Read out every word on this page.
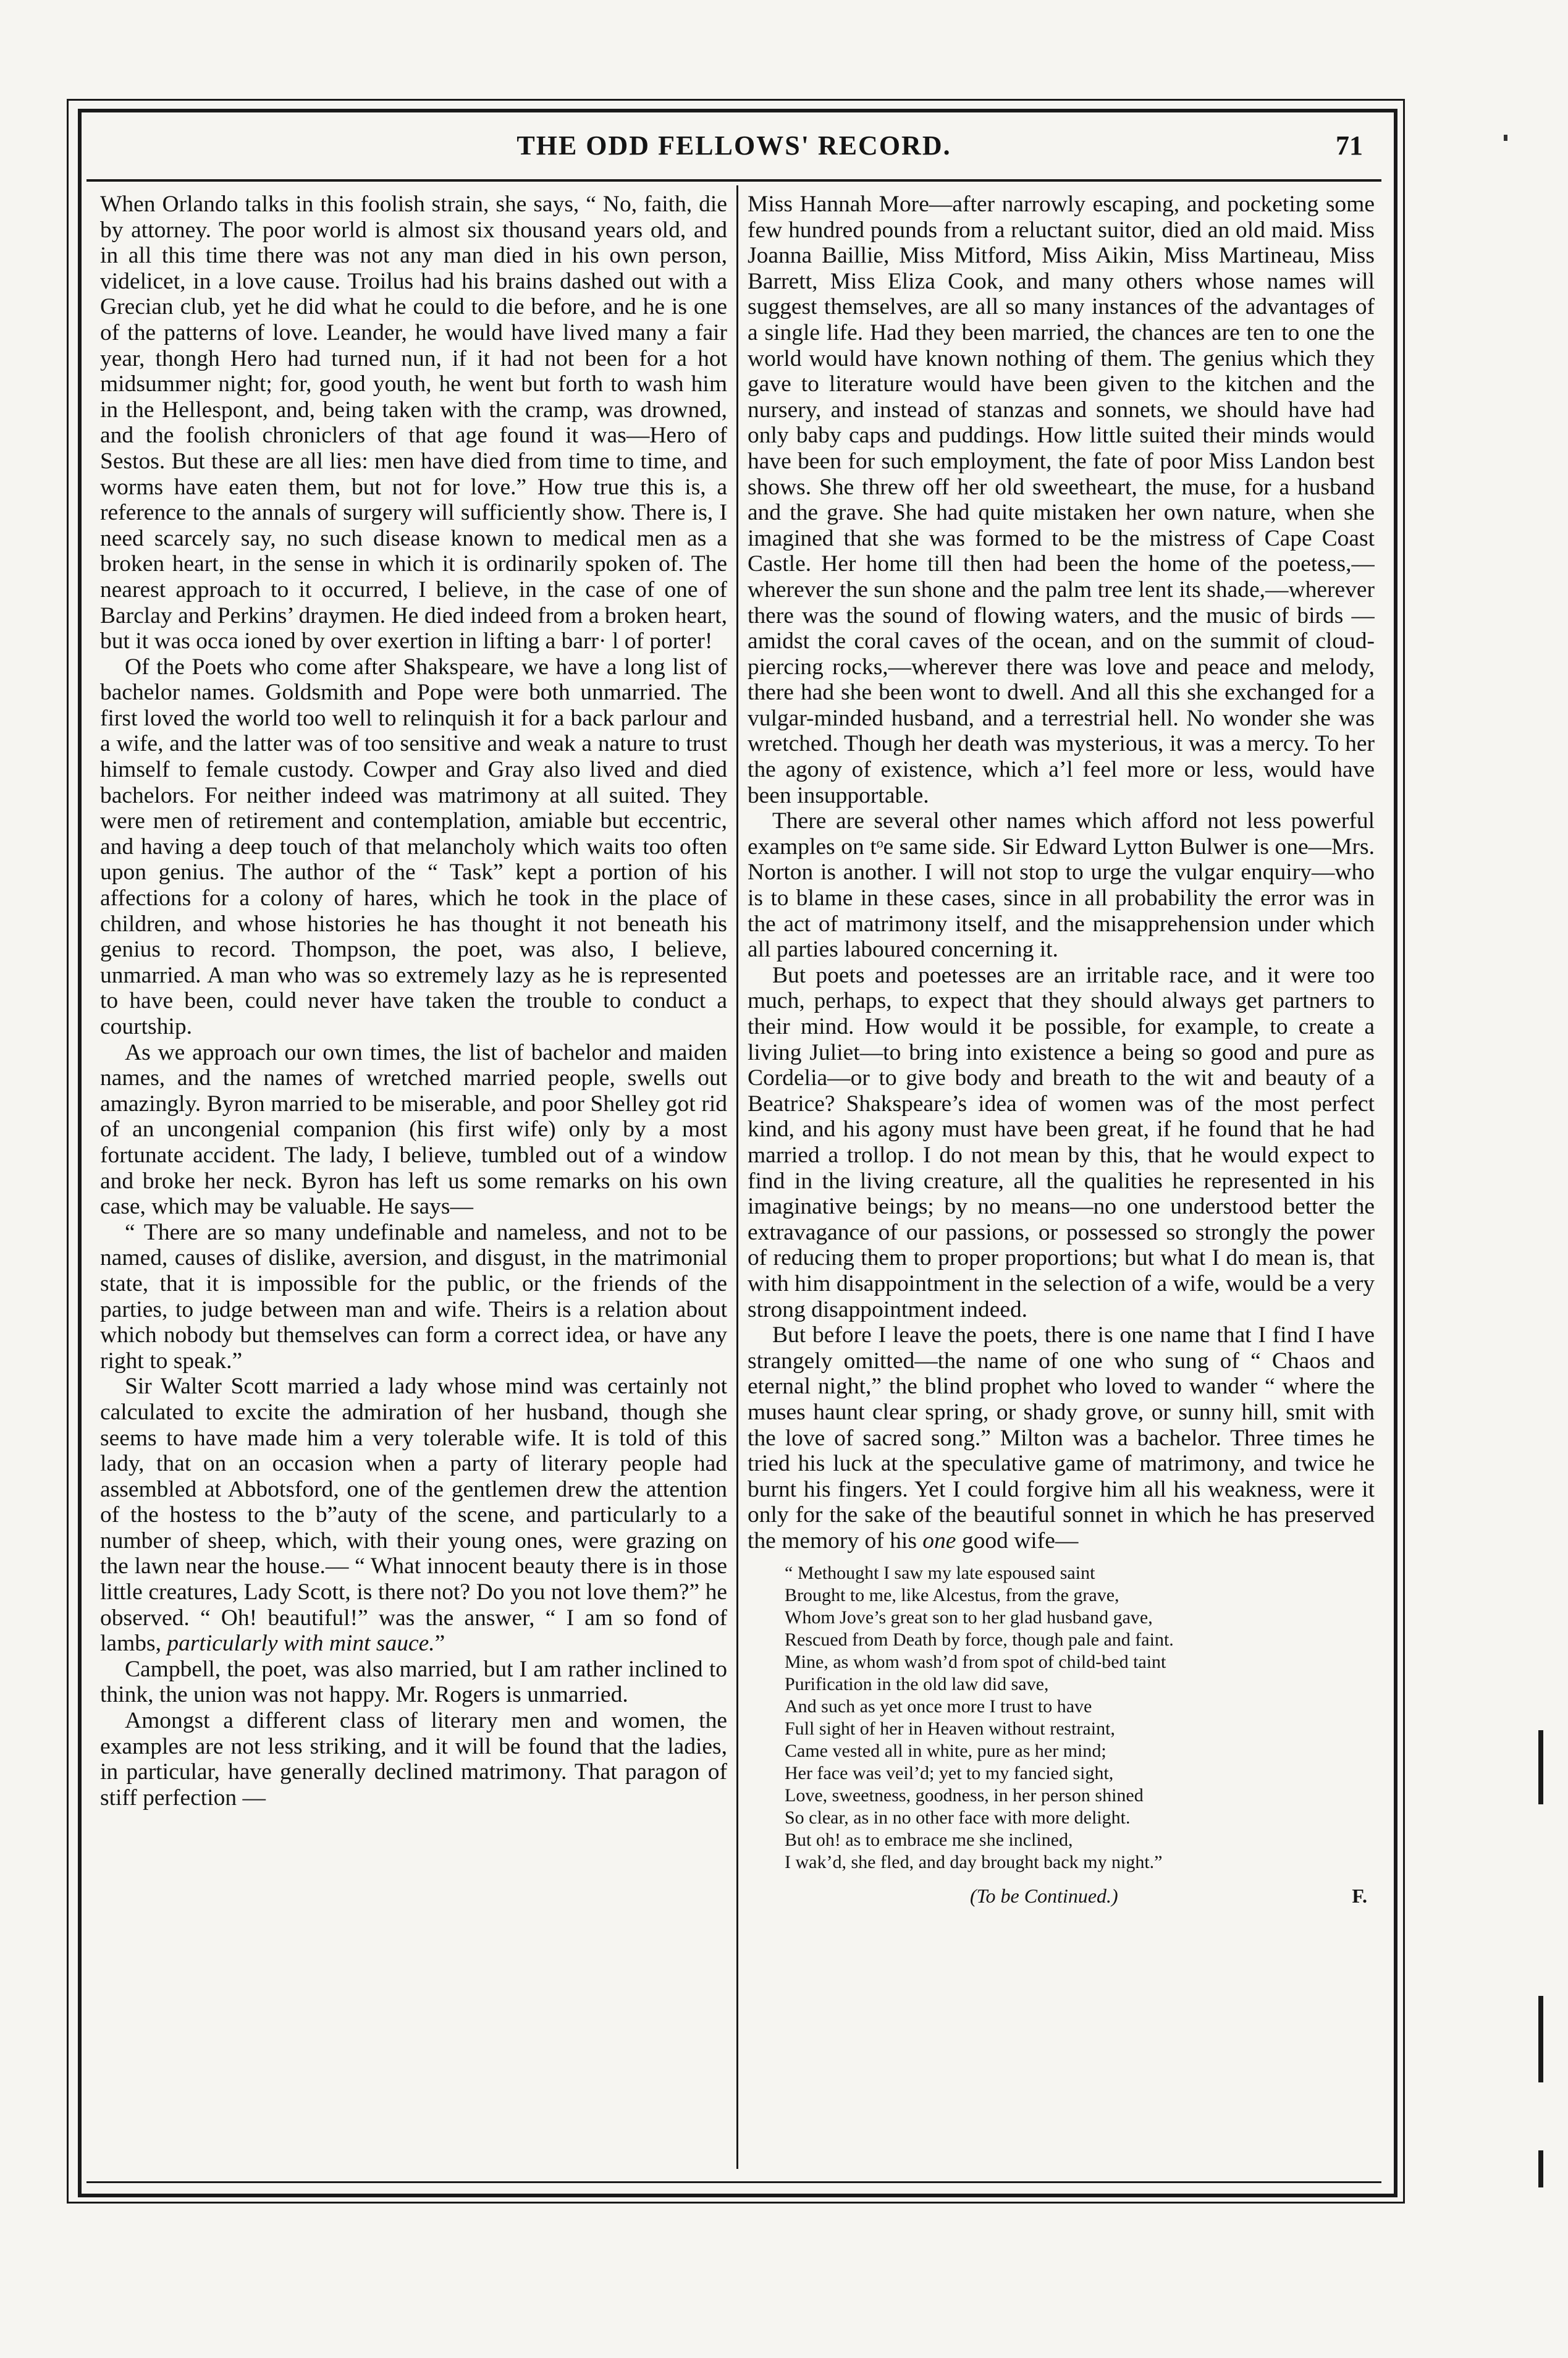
THE ODD FELLOWS' RECORD.	71

When Orlando talks in this foolish strain, she says, “ No, faith, die by attorney. The poor world is almost six thousand years old, and in all this time there was not any man died in his own person, videlicet, in a love cause. Troilus had his brains dashed out with a Grecian club, yet he did what he could to die before, and he is one of the patterns of love. Leander, he would have lived many a fair year, thongh Hero had turned nun, if it had not been for a hot midsummer night; for, good youth, he went but forth to wash him in the Hellespont, and, being taken with the cramp, was drowned, and the foolish chroniclers of that age found it was—Hero of Sestos. But these are all lies: men have died from time to time, and worms have eaten them, but not for love.” How true this is, a reference to the annals of surgery will sufficiently show. There is, I need scarcely say, no such disease known to medical men as a broken heart, in the sense in which it is ordinarily spoken of. The nearest approach to it occurred, I believe, in the case of one of Barclay and Perkins’ draymen. He died indeed from a broken heart, but it was occa ioned by over exertion in lifting a barr· l of porter!

Of the Poets who come after Shakspeare, we have a long list of bachelor names. Goldsmith and Pope were both unmarried. The first loved the world too well to relinquish it for a back parlour and a wife, and the latter was of too sensitive and weak a nature to trust himself to female custody. Cowper and Gray also lived and died bachelors. For neither indeed was matrimony at all suited. They were men of retirement and contemplation, amiable but eccentric, and having a deep touch of that melancholy which waits too often upon genius. The author of the “ Task” kept a portion of his affections for a colony of hares, which he took in the place of children, and whose histories he has thought it not beneath his genius to record. Thompson, the poet, was also, I believe, unmarried. A man who was so extremely lazy as he is represented to have been, could never have taken the trouble to conduct a courtship.

As we approach our own times, the list of bachelor and maiden names, and the names of wretched married people, swells out amazingly. Byron married to be miserable, and poor Shelley got rid of an uncongenial companion (his first wife) only by a most fortunate accident. The lady, I believe, tumbled out of a window and broke her neck. Byron has left us some remarks on his own case, which may be valuable. He says—

“ There are so many undefinable and nameless, and not to be named, causes of dislike, aversion, and disgust, in the matrimonial state, that it is impossible for the public, or the friends of the parties, to judge between man and wife. Theirs is a relation about which nobody but themselves can form a correct idea, or have any right to speak.”

Sir Walter Scott married a lady whose mind was certainly not calculated to excite the admiration of her husband, though she seems to have made him a very tolerable wife. It is told of this lady, that on an occasion when a party of literary people had assembled at Abbotsford, one of the gentlemen drew the attention of the hostess to the b”auty of the scene, and particularly to a number of sheep, which, with their young ones, were grazing on the lawn near the house.— “ What innocent beauty there is in those little creatures, Lady Scott, is there not? Do you not love them?” he observed. “ Oh! beautiful!” was the answer, “ I am so fond of lambs, particularly with mint sauce.”

Campbell, the poet, was also married, but I am rather inclined to think, the union was not happy. Mr. Rogers is unmarried.

Amongst a different class of literary men and women, the examples are not less striking, and it will be found that the ladies, in particular, have generally declined matrimony. That paragon of stiff perfection —

Miss Hannah More—after narrowly escaping, and pocketing some few hundred pounds from a reluctant suitor, died an old maid. Miss Joanna Baillie, Miss Mitford, Miss Aikin, Miss Martineau, Miss Barrett, Miss Eliza Cook, and many others whose names will suggest themselves, are all so many instances of the advantages of a single life. Had they been married, the chances are ten to one the world would have known nothing of them. The genius which they gave to literature would have been given to the kitchen and the nursery, and instead of stanzas and sonnets, we should have had only baby caps and puddings. How little suited their minds would have been for such employment, the fate of poor Miss Landon best shows. She threw off her old sweetheart, the muse, for a husband and the grave. She had quite mistaken her own nature, when she imagined that she was formed to be the mistress of Cape Coast Castle. Her home till then had been the home of the poetess,—wherever the sun shone and the palm tree lent its shade,—wherever there was the sound of flowing waters, and the music of birds —amidst the coral caves of the ocean, and on the summit of cloud-piercing rocks,—wherever there was love and peace and melody, there had she been wont to dwell. And all this she exchanged for a vulgar-minded husband, and a terrestrial hell. No wonder she was wretched. Though her death was mysterious, it was a mercy. To her the agony of existence, which aʼl feel more or less, would have been insupportable.

There are several other names which afford not less powerful examples on tᵒe same side. Sir Edward Lytton Bulwer is one—Mrs. Norton is another. I will not stop to urge the vulgar enquiry—who is to blame in these cases, since in all probability the error was in the act of matrimony itself, and the misapprehension under which all parties laboured concerning it.

But poets and poetesses are an irritable race, and it were too much, perhaps, to expect that they should always get partners to their mind. How would it be possible, for example, to create a living Juliet—to bring into existence a being so good and pure as Cordelia—or to give body and breath to the wit and beauty of a Beatrice? Shakspeare’s idea of women was of the most perfect kind, and his agony must have been great, if he found that he had married a trollop. I do not mean by this, that he would expect to find in the living creature, all the qualities he represented in his imaginative beings; by no means—no one understood better the extravagance of our passions, or possessed so strongly the power of reducing them to proper proportions; but what I do mean is, that with him disappointment in the selection of a wife, would be a very strong disappointment indeed.

But before I leave the poets, there is one name that I find I have strangely omitted—the name of one who sung of “ Chaos and eternal night,” the blind prophet who loved to wander “ where the muses haunt clear spring, or shady grove, or sunny hill, smit with the love of sacred song.” Milton was a bachelor. Three times he tried his luck at the speculative game of matrimony, and twice he burnt his fingers. Yet I could forgive him all his weakness, were it only for the sake of the beautiful sonnet in which he has preserved the memory of his one good wife—

“ Methought I saw my late espoused saint
Brought to me, like Alcestus, from the grave,
Whom Jove’s great son to her glad husband gave,
Rescued from Death by force, though pale and faint.
Mine, as whom wash’d from spot of child-bed taint
Purification in the old law did save,
And such as yet once more I trust to have
Full sight of her in Heaven without restraint,
Came vested all in white, pure as her mind;
Her face was veil’d; yet to my fancied sight,
Love, sweetness, goodness, in her person shined
So clear, as in no other face with more delight.
But oh! as to embrace me she inclined,
I wak’d, she fled, and day brought back my night.”
(To be Continued.)	F.
